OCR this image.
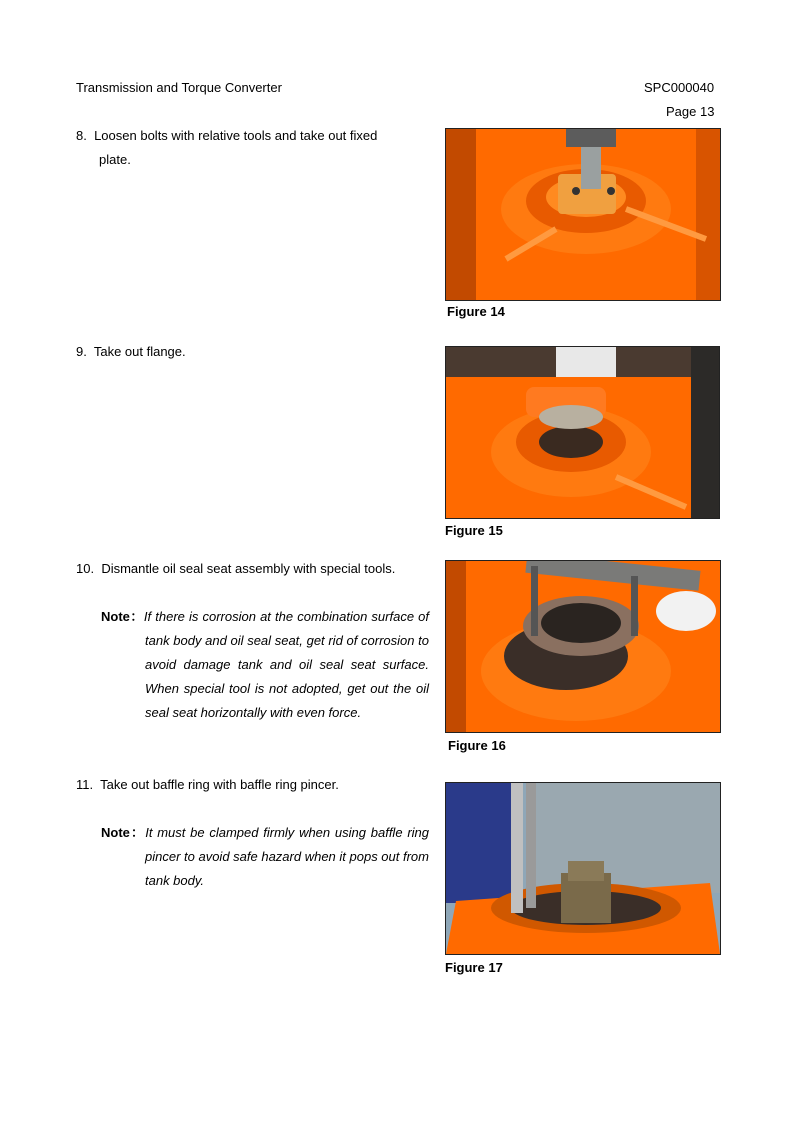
Transmission and Torque Converter	SPC000040
Page 13
8. Loosen bolts with relative tools and take out fixed plate.
Figure 14
9. Take out flange.
Figure 15
10. Dismantle oil seal seat assembly with special tools.
Note：If there is corrosion at the combination surface of tank body and oil seal seat, get rid of corrosion to avoid damage tank and oil seal seat surface. When special tool is not adopted, get out the oil seal seat horizontally with even force.
Figure 16
11. Take out baffle ring with baffle ring pincer.
Note：It must be clamped firmly when using baffle ring pincer to avoid safe hazard when it pops out from tank body.
Figure 17
